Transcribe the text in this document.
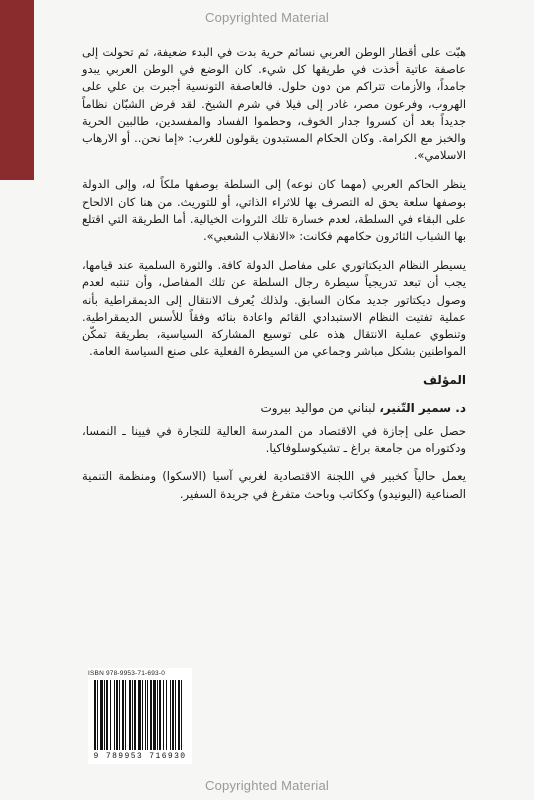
Copyrighted Material

هبّت على أقطار الوطن العربي نسائم حرية بدت في البدء ضعيفة، ثم تحولت إلى عاصفة عاتية أخذت في طريقها كل شيء. كان الوضع في الوطن العربي يبدو جامداً، والأزمات تتراكم من دون حلول. فالعاصفة التونسية أجبرت بن علي على الهروب، وفرعون مصر، غادر إلى فيلا في شرم الشيخ. لقد فرض الشبّان نظاماً جديداً بعد أن كسروا جدار الخوف، وحطموا الفساد والمفسدين، طالبين الحرية والخبز مع الكرامة. وكان الحكام المستبدون يقولون للغرب: «إما نحن.. أو الارهاب الاسلامي».

ينظر الحاكم العربي (مهما كان نوعه) إلى السلطة بوصفها ملكاً له، وإلى الدولة بوصفها سلعة يحق له التصرف بها للاثراء الذاتي، أو للتوريث. من هنا كان الالحاح على البقاء في السلطة، لعدم خسارة تلك الثروات الخيالية. أما الطريقة التي اقتلع بها الشباب الثائرون حكامهم فكانت: «الانقلاب الشعبي».

يسيطر النظام الديكتاتوري على مفاصل الدولة كافة. والثورة السلمية عند قيامها، يجب أن تبعد تدريجياً سيطرة رجال السلطة عن تلك المفاصل، وأن تنتبه لعدم وصول ديكتاتور جديد مكان السابق. ولذلك يُعرف الانتقال إلى الديمقراطية بأنه عملية تفتيت النظام الاستبدادي القائم واعادة بنائه وفقاً للأسس الديمقراطية. وتنطوي عملية الانتقال هذه على توسيع المشاركة السياسية، بطريقة تمكّن المواطنين بشكل مباشر وجماعي من السيطرة الفعلية على صنع السياسة العامة.

المؤلف
د. سمير التّنير، لبناني من مواليد بيروت

حصل على إجازة في الاقتصاد من المدرسة العالية للتجارة في فيينا ـ النمسا، ودكتوراه من جامعة براغ ـ تشيكوسلوفاكيا.

يعمل حالياً كخبير في اللجنة الاقتصادية لغربي آسيا (الاسكوا) ومنظمة التنمية الصناعية (اليونيدو) وككاتب وباحث متفرغ في جريدة السفير.

ISBN 978-9953-71-693-0
9 789953 716930
Copyrighted Material
